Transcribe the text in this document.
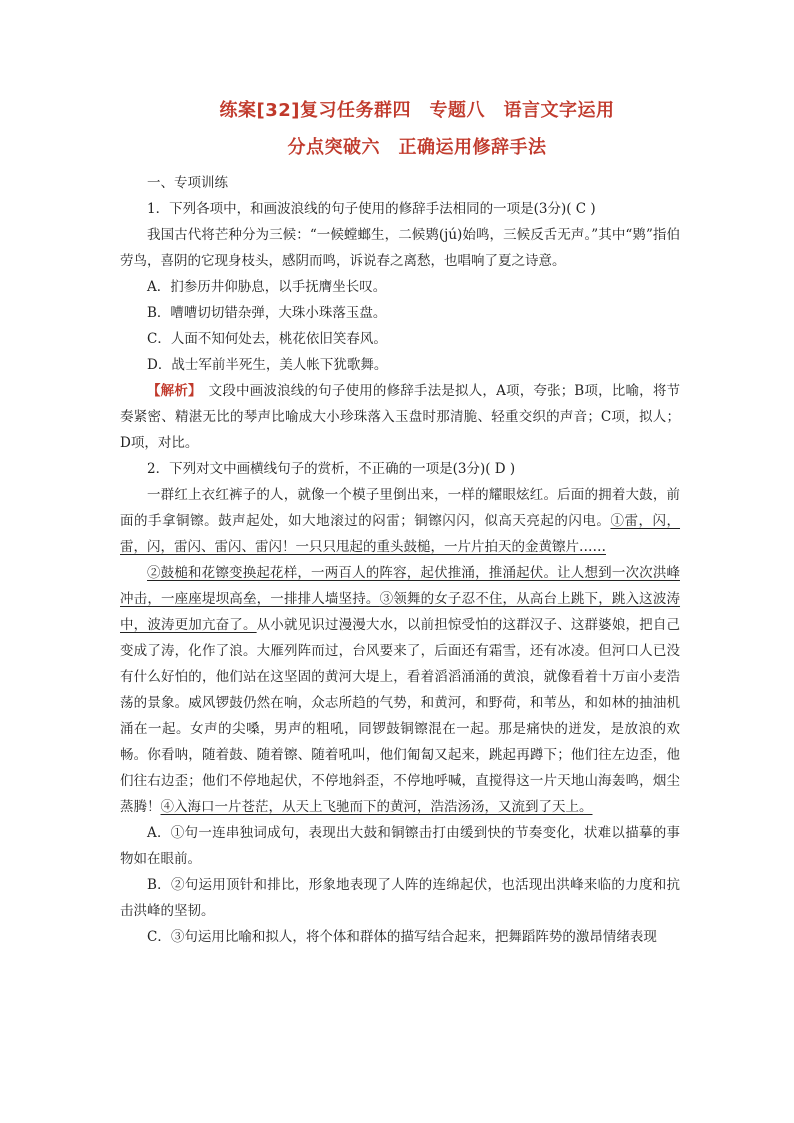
练案[32]复习任务群四　专题八　语言文字运用
分点突破六　正确运用修辞手法

一、专项训练

1．下列各项中，和画波浪线的句子使用的修辞手法相同的一项是(3分)( C )

我国古代将芒种分为三候：“一候螳螂生，二候䴗(jú)始鸣，三候反舌无声。”其中“䴗”指伯劳鸟，喜阴的它现身枝头，感阴而鸣，诉说春之离愁，也唱响了夏之诗意。

A．扪参历井仰胁息，以手抚膺坐长叹。

B．嘈嘈切切错杂弹，大珠小珠落玉盘。

C．人面不知何处去，桃花依旧笑春风。

D．战士军前半死生，美人帐下犹歌舞。

【解析】　文段中画波浪线的句子使用的修辞手法是拟人，A项，夸张；B项，比喻，将节奏紧密、精湛无比的琴声比喻成大小珍珠落入玉盘时那清脆、轻重交织的声音；C项，拟人；D项，对比。

2．下列对文中画横线句子的赏析，不正确的一项是(3分)( D )

一群红上衣红裤子的人，就像一个模子里倒出来，一样的耀眼炫红。后面的拥着大鼓，前面的手拿铜镲。鼓声起处，如大地滚过的闷雷；铜镲闪闪，似高天亮起的闪电。①雷，闪，雷，闪，雷闪、雷闪、雷闪！一只只甩起的重头鼓槌，一片片拍天的金黄镲片……

②鼓槌和花镲变换起花样，一两百人的阵容，起伏推涌，推涌起伏。让人想到一次次洪峰冲击，一座座堤坝高垒，一排排人墙坚持。③领舞的女子忍不住，从高台上跳下，跳入这波涛中，波涛更加亢奋了。从小就见识过漫漫大水，以前担惊受怕的这群汉子、这群婆娘，把自己变成了涛，化作了浪。大雁列阵而过，台风要来了，后面还有霜雪，还有冰凌。但河口人已没有什么好怕的，他们站在这坚固的黄河大堤上，看着滔滔涌涌的黄浪，就像看着十万亩小麦浩荡的景象。威风锣鼓仍然在响，众志所趋的气势，和黄河，和野荷，和苇丛，和如林的抽油机涌在一起。女声的尖嗓，男声的粗吼，同锣鼓铜镲混在一起。那是痛快的迸发，是放浪的欢畅。你看呐，随着鼓、随着镲、随着吼叫，他们匍匐又起来，跳起再蹲下；他们往左边歪，他们往右边歪；他们不停地起伏，不停地斜歪，不停地呼喊，直搅得这一片天地山海轰鸣，烟尘蒸腾！④入海口一片苍茫，从天上飞驰而下的黄河，浩浩汤汤，又流到了天上。

A．①句一连串独词成句，表现出大鼓和铜镲击打由缓到快的节奏变化，状难以描摹的事物如在眼前。

B．②句运用顶针和排比，形象地表现了人阵的连绵起伏，也活现出洪峰来临的力度和抗击洪峰的坚韧。

C．③句运用比喻和拟人，将个体和群体的描写结合起来，把舞蹈阵势的激昂情绪表现
